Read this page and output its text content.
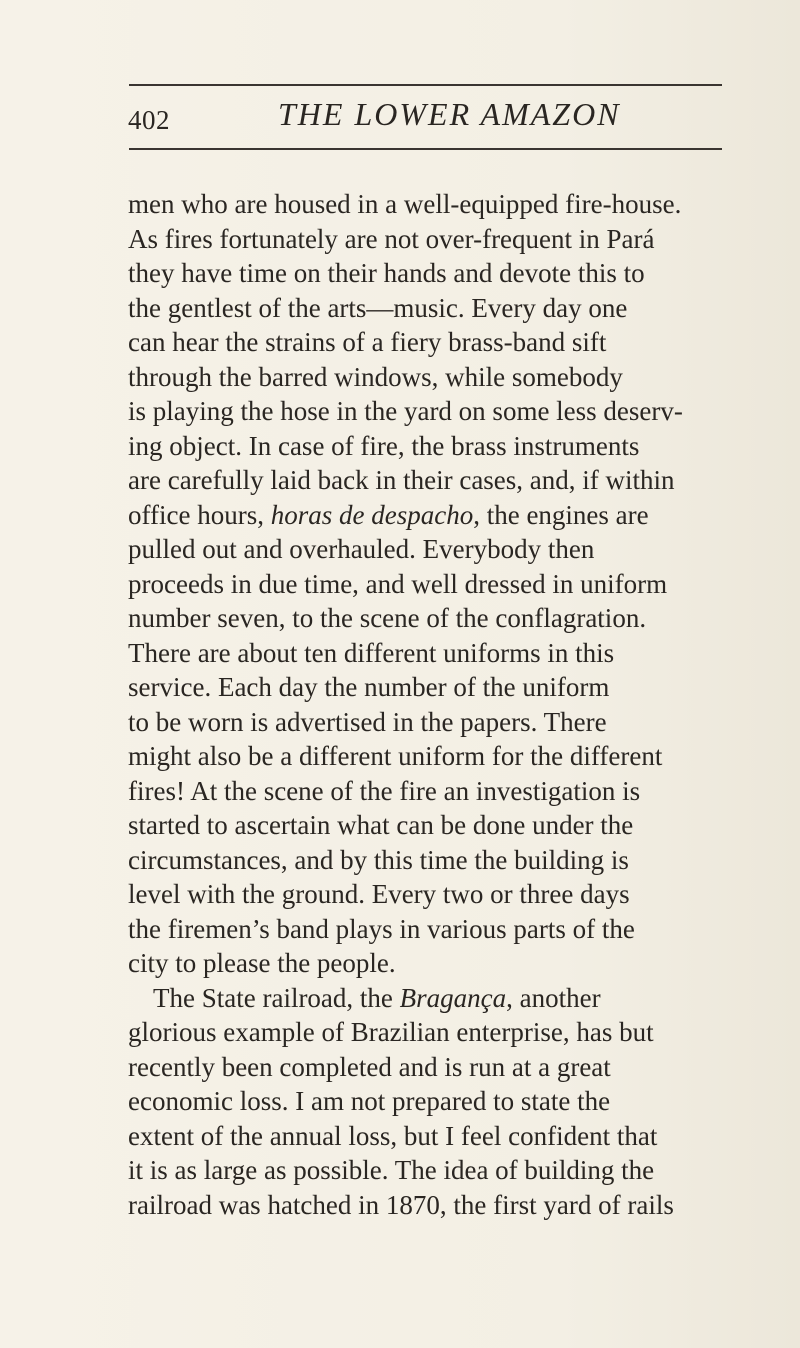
402	THE LOWER AMAZON
men who are housed in a well-equipped fire-house.
As fires fortunately are not over-frequent in Pará
they have time on their hands and devote this to
the gentlest of the arts—music. Every day one
can hear the strains of a fiery brass-band sift
through the barred windows, while somebody
is playing the hose in the yard on some less deserv-
ing object. In case of fire, the brass instruments
are carefully laid back in their cases, and, if within
office hours, horas de despacho, the engines are
pulled out and overhauled. Everybody then
proceeds in due time, and well dressed in uniform
number seven, to the scene of the conflagration.
There are about ten different uniforms in this
service. Each day the number of the uniform
to be worn is advertised in the papers. There
might also be a different uniform for the different
fires! At the scene of the fire an investigation is
started to ascertain what can be done under the
circumstances, and by this time the building is
level with the ground. Every two or three days
the firemen’s band plays in various parts of the
city to please the people.
The State railroad, the Bragança, another
glorious example of Brazilian enterprise, has but
recently been completed and is run at a great
economic loss. I am not prepared to state the
extent of the annual loss, but I feel confident that
it is as large as possible. The idea of building the
railroad was hatched in 1870, the first yard of rails
